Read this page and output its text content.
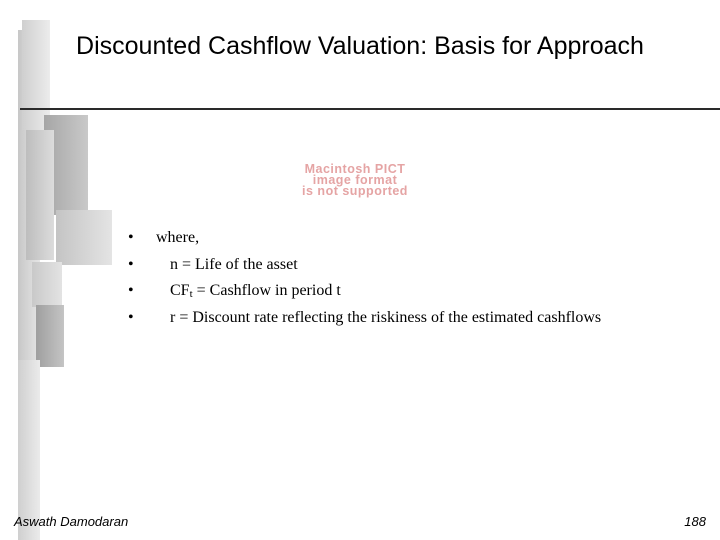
Discounted Cashflow Valuation: Basis for Approach
Macintosh PICT
image format
is not supported
• where,
• n = Life of the asset
• CFt = Cashflow in period t
• r = Discount rate reflecting the riskiness of the estimated cashflows
Aswath Damodaran	188
